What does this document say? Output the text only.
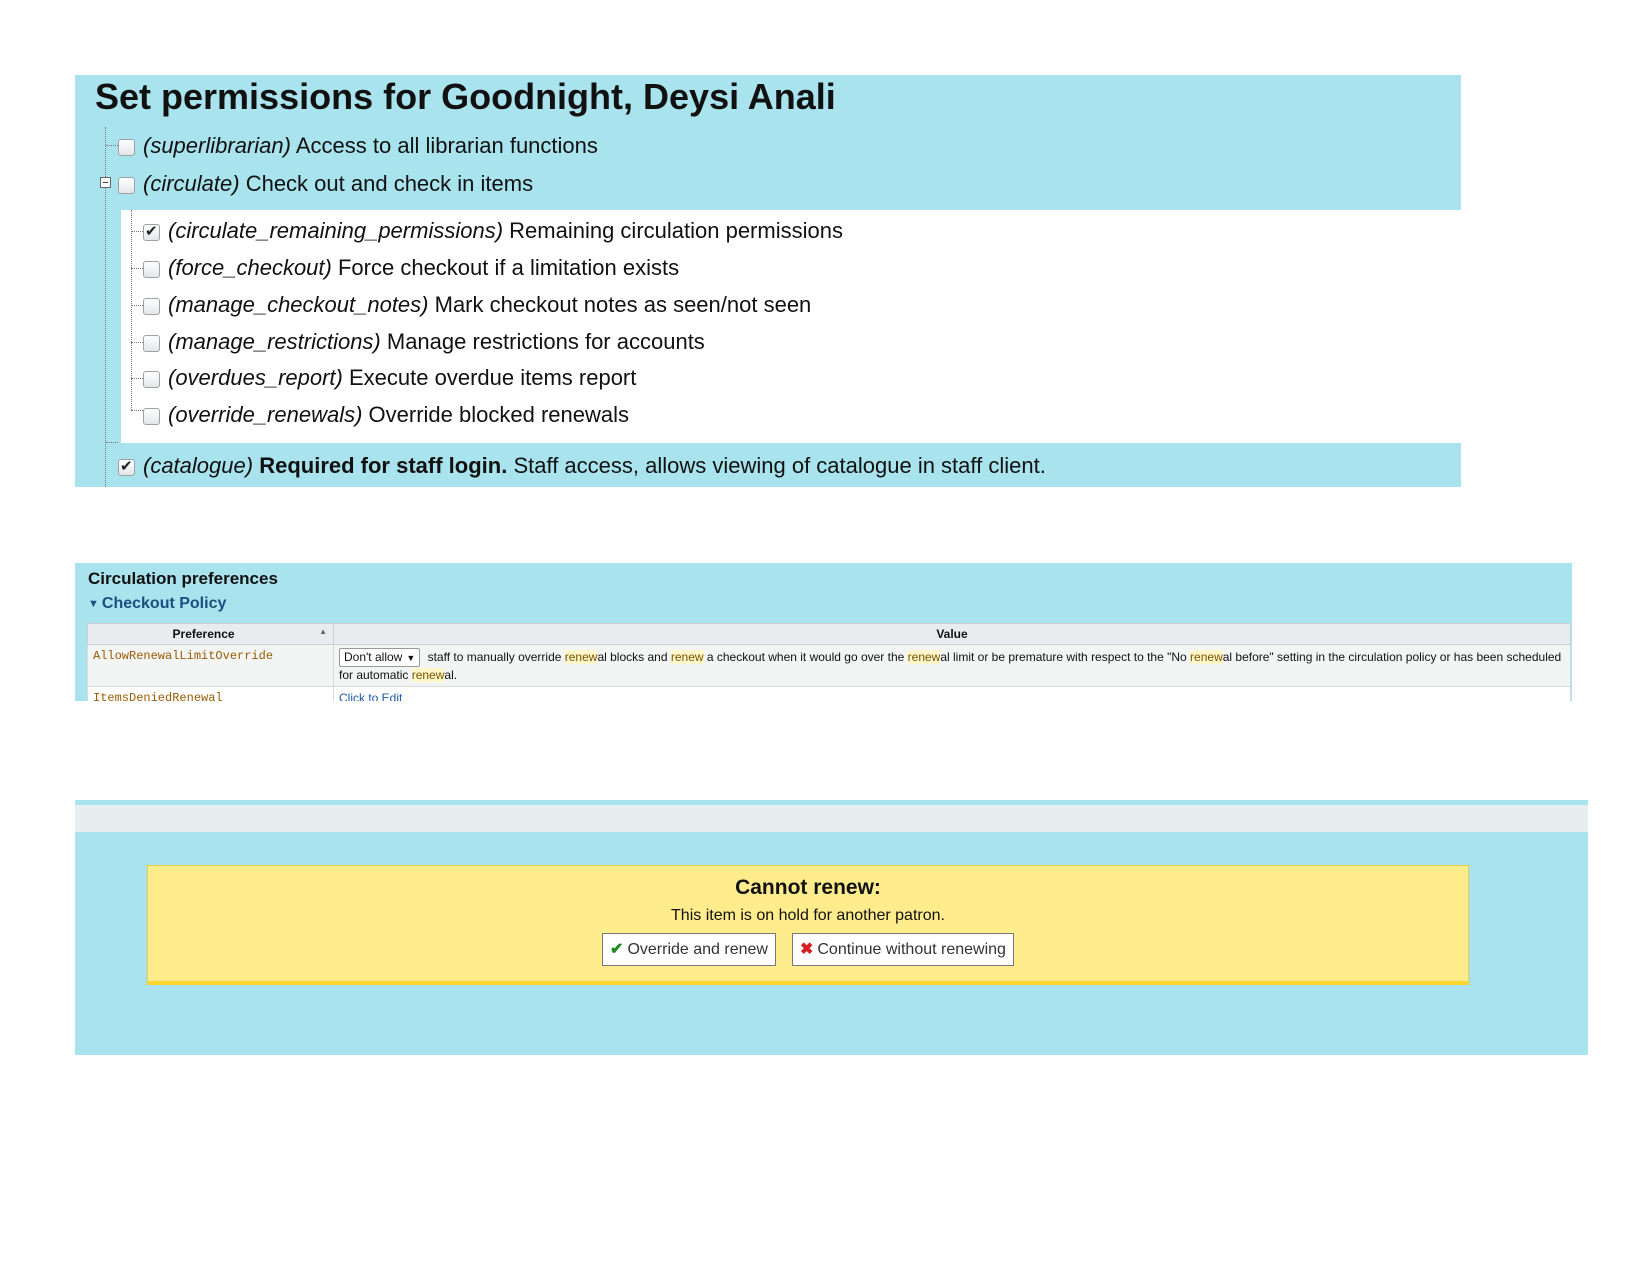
Set permissions for Goodnight, Deysi Anali
−
(superlibrarian) Access to all librarian functions
(circulate) Check out and check in items
✔(circulate_remaining_permissions) Remaining circulation permissions
(force_checkout) Force checkout if a limitation exists
(manage_checkout_notes) Mark checkout notes as seen/not seen
(manage_restrictions) Manage restrictions for accounts
(overdues_report) Execute overdue items report
(override_renewals) Override blocked renewals
✔(catalogue) Required for staff login. Staff access, allows viewing of catalogue in staff client.
Circulation preferences
▼ Checkout Policy
Preference ▲	Value
AllowRenewalLimitOverride	Don't allow ▼ staff to manually override renewal blocks and renew a checkout when it would go over the renewal limit or be premature with respect to the "No renewal before" setting in the circulation policy or has been scheduled for automatic renewal.
ItemsDeniedRenewal	Click to Edit
Cannot renew:
This item is on hold for another patron.
✔ Override and renew ✖ Continue without renewing
